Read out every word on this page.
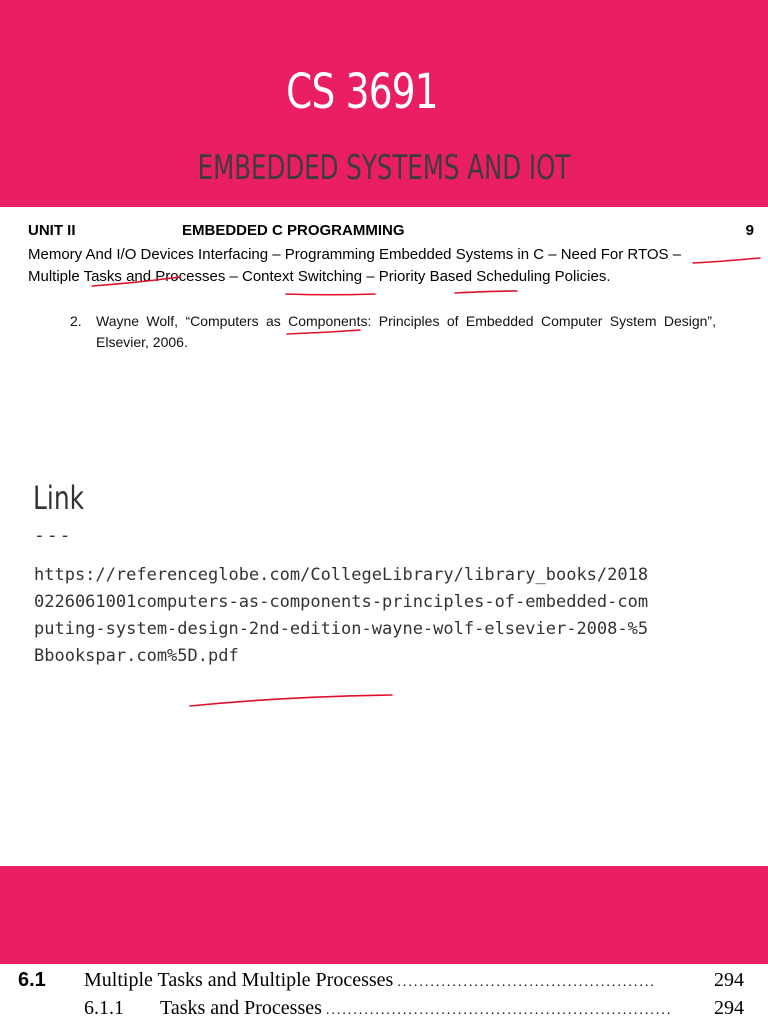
CS 3691
EMBEDDED SYSTEMS AND IOT
UNIT II	EMBEDDED C PROGRAMMING	9
Memory And I/O Devices Interfacing – Programming Embedded Systems in C – Need For RTOS –
Multiple Tasks and Processes – Context Switching – Priority Based Scheduling Policies.
2. Wayne Wolf, “Computers as Components: Principles of Embedded Computer System Design”, Elsevier, 2006.
Link
---
https://referenceglobe.com/CollegeLibrary/library_books/2018
0226061001computers-as-components-principles-of-embedded-com
puting-system-design-2nd-edition-wayne-wolf-elsevier-2008-%5
Bbookspar.com%5D.pdf
6.1	Multiple Tasks and Multiple Processes ...............................................	294
6.1.1	Tasks and Processes ...............................................................	294
